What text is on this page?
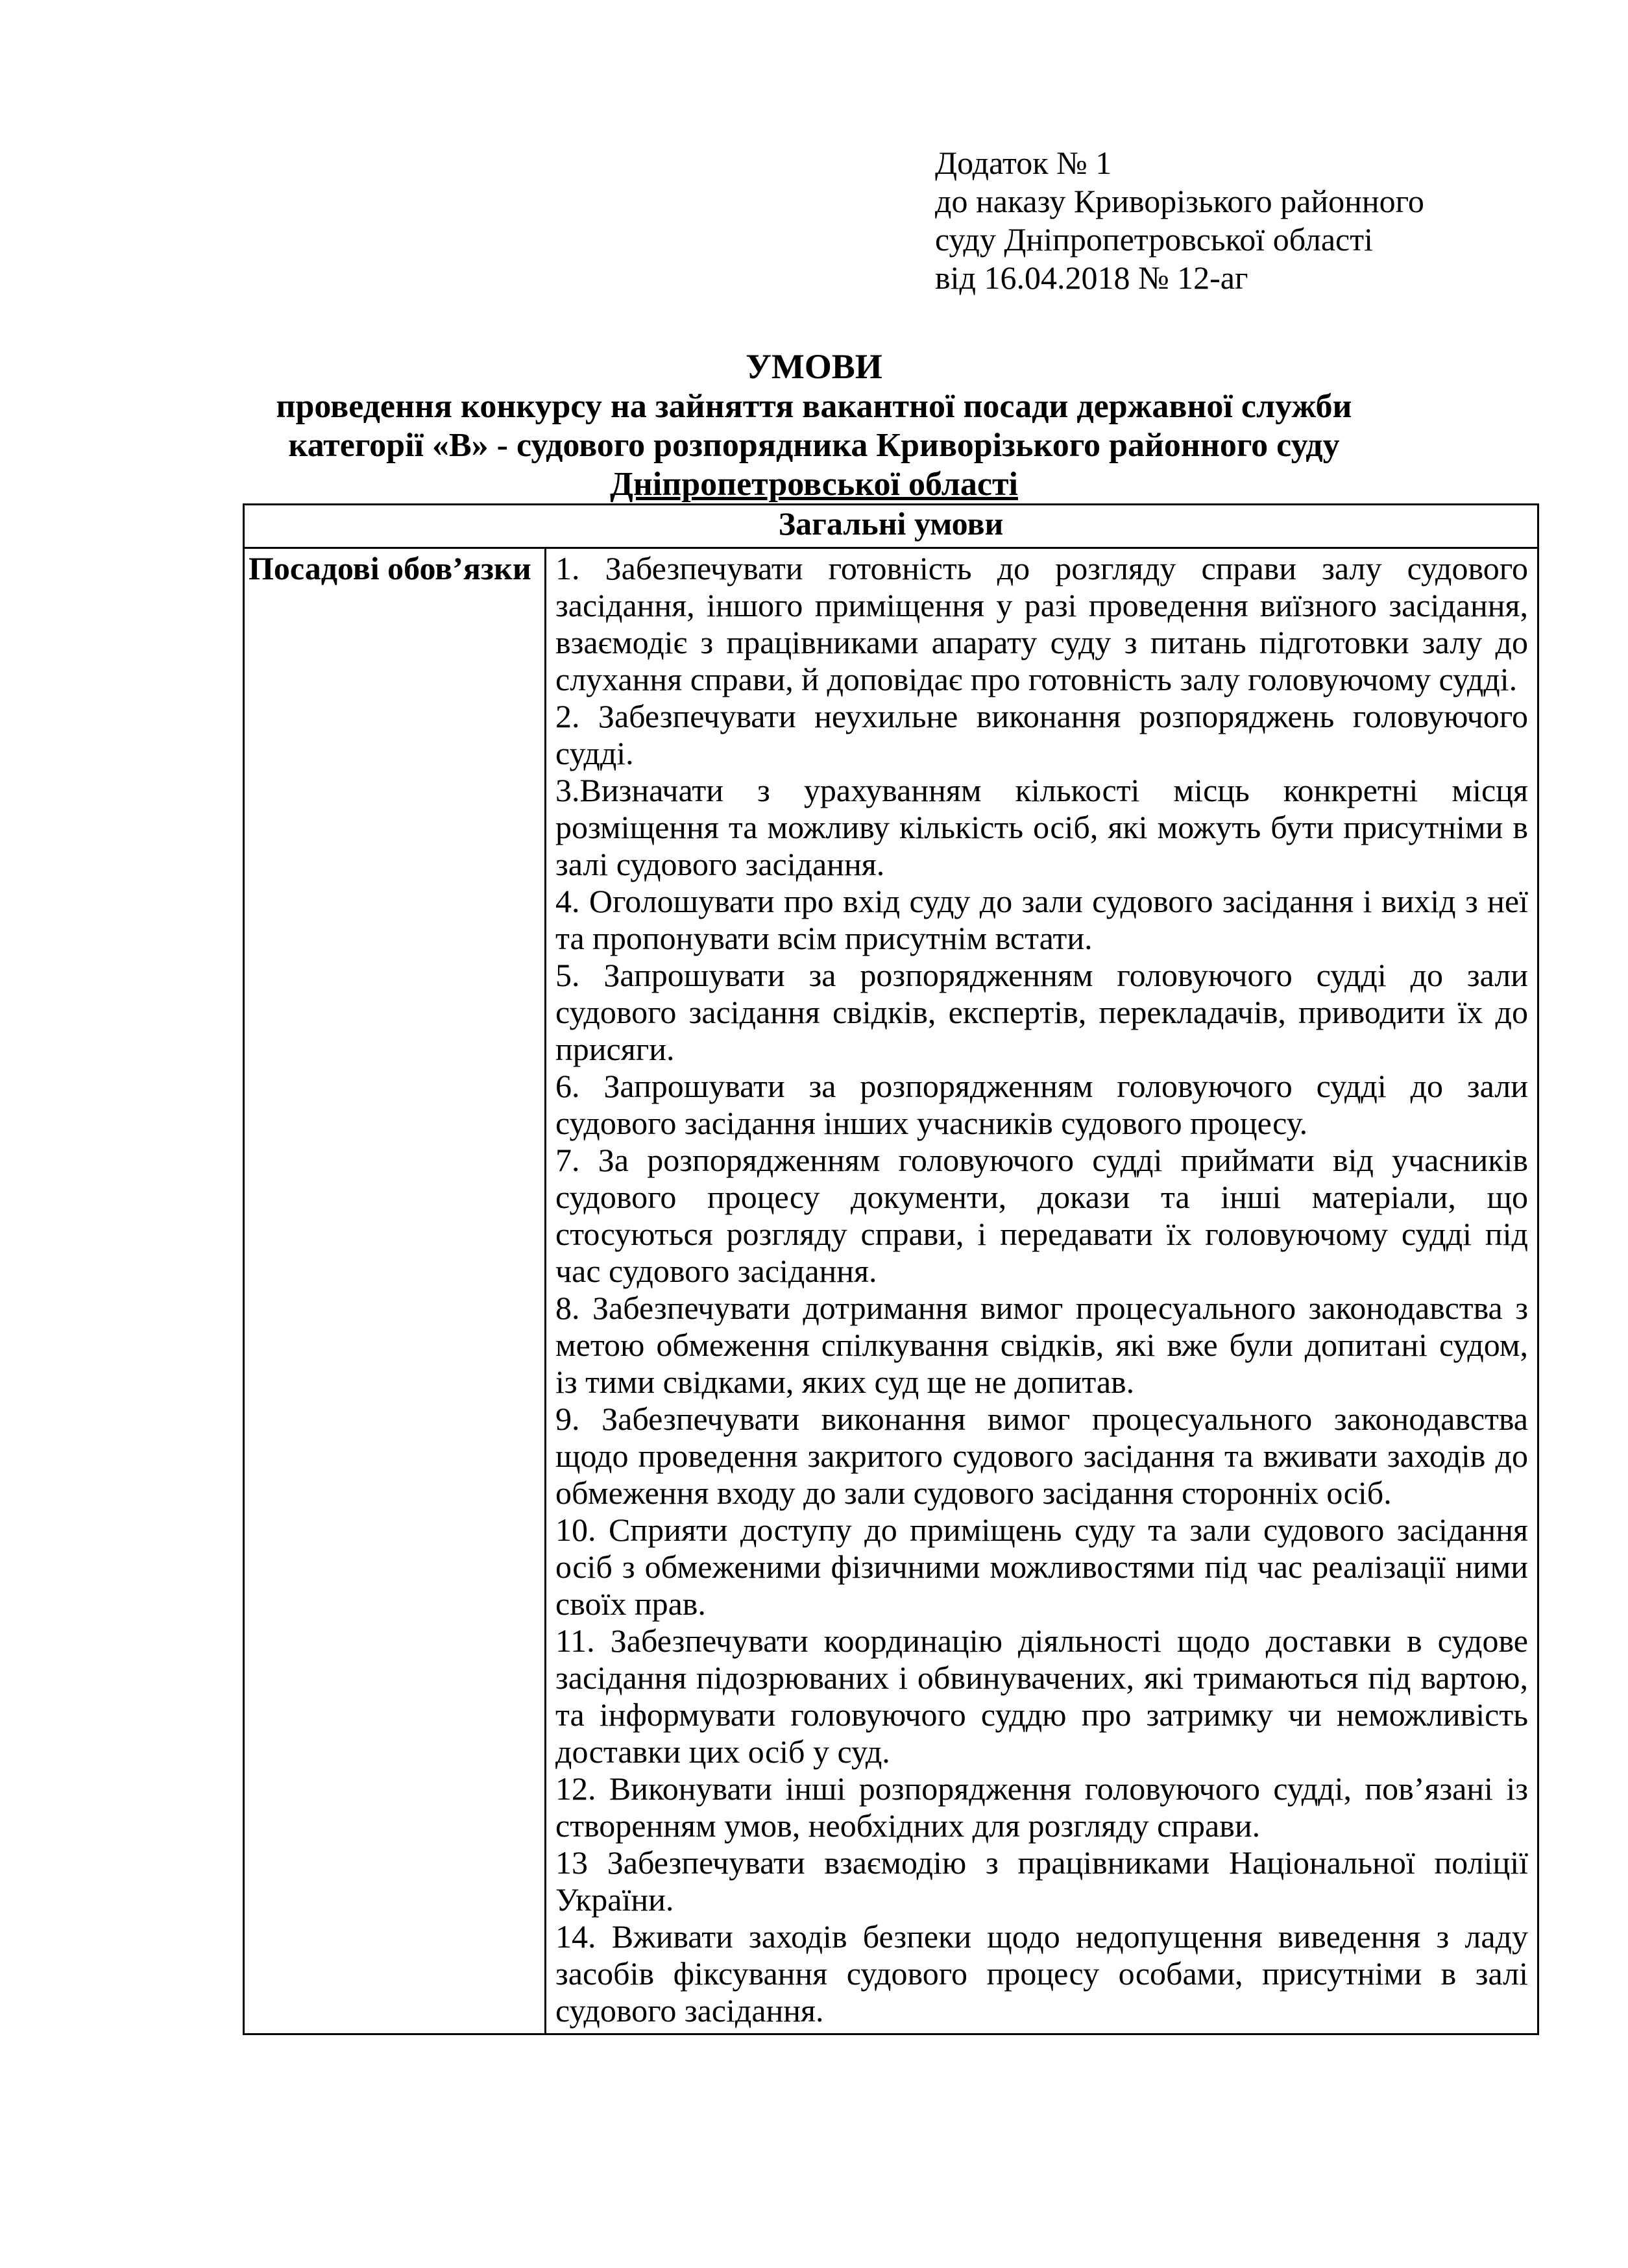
Додаток № 1
до наказу Криворізького районного
суду Дніпропетровської області
від 16.04.2018 № 12-аг
УМОВИ
проведення конкурсу на зайняття вакантної посади державної служби
категорії «В» - судового розпорядника Криворізького районного суду
Дніпропетровської області
Загальні умови
Посадові обов’язки	1. Забезпечувати готовність до розгляду справи залу судового засідання, іншого приміщення у разі проведення виїзного засідання, взаємодіє з працівниками апарату суду з питань підготовки залу до слухання справи, й доповідає про готовність залу головуючому судді.

2. Забезпечувати неухильне виконання розпоряджень головуючого судді.

3.Визначати з урахуванням кількості місць конкретні місця розміщення та можливу кількість осіб, які можуть бути присутніми в залі судового засідання.

4. Оголошувати про вхід суду до зали судового засідання і вихід з неї та пропонувати всім присутнім встати.

5. Запрошувати за розпорядженням головуючого судді до зали судового засідання свідків, експертів, перекладачів, приводити їх до присяги.

6. Запрошувати за розпорядженням головуючого судді до зали судового засідання інших учасників судового процесу.

7. За розпорядженням головуючого судді приймати від учасників судового процесу документи, докази та інші матеріали, що стосуються розгляду справи, і передавати їх головуючому судді під час судового засідання.

8. Забезпечувати дотримання вимог процесуального законодавства з метою обмеження спілкування свідків, які вже були допитані судом, із тими свідками, яких суд ще не допитав.

9. Забезпечувати виконання вимог процесуального законодавства щодо проведення закритого судового засідання та вживати заходів до обмеження входу до зали судового засідання сторонніх осіб.

10. Сприяти доступу до приміщень суду та зали судового засідання осіб з обмеженими фізичними можливостями під час реалізації ними своїх прав.

11. Забезпечувати координацію діяльності щодо доставки в судове засідання підозрюваних і обвинувачених, які тримаються під вартою, та інформувати головуючого суддю про затримку чи неможливість доставки цих осіб у суд.

12. Виконувати інші розпорядження головуючого судді, пов’язані із створенням умов, необхідних для розгляду справи.

13 Забезпечувати взаємодію з працівниками Національної поліції України.

14. Вживати заходів безпеки щодо недопущення виведення з ладу засобів фіксування судового процесу особами, присутніми в залі судового засідання.
